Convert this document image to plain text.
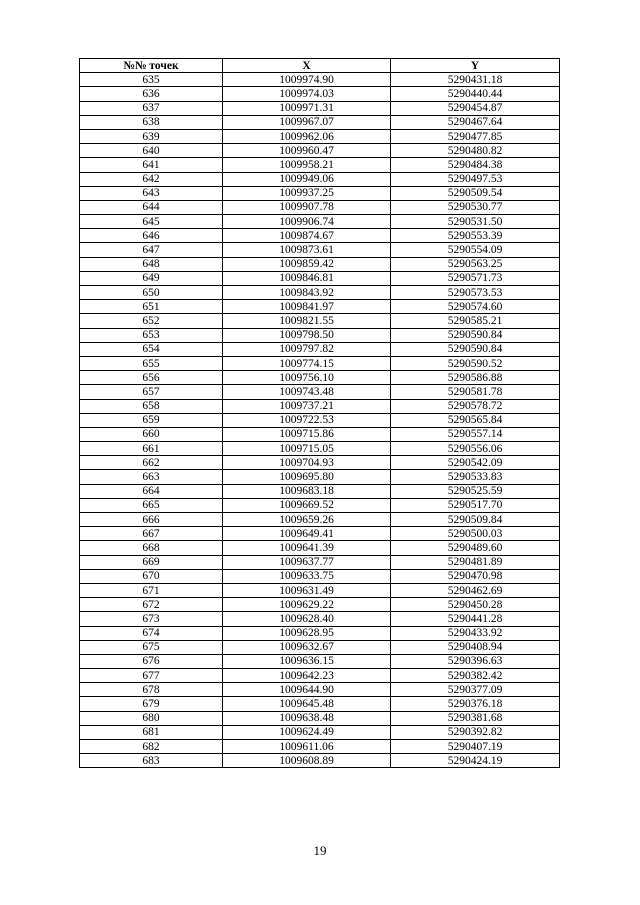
№№ точек	X	Y
635	1009974.90	5290431.18
636	1009974.03	5290440.44
637	1009971.31	5290454.87
638	1009967.07	5290467.64
639	1009962.06	5290477.85
640	1009960.47	5290480.82
641	1009958.21	5290484.38
642	1009949.06	5290497.53
643	1009937.25	5290509.54
644	1009907.78	5290530.77
645	1009906.74	5290531.50
646	1009874.67	5290553.39
647	1009873.61	5290554.09
648	1009859.42	5290563.25
649	1009846.81	5290571.73
650	1009843.92	5290573.53
651	1009841.97	5290574.60
652	1009821.55	5290585.21
653	1009798.50	5290590.84
654	1009797.82	5290590.84
655	1009774.15	5290590.52
656	1009756.10	5290586.88
657	1009743.48	5290581.78
658	1009737.21	5290578.72
659	1009722.53	5290565.84
660	1009715.86	5290557.14
661	1009715.05	5290556.06
662	1009704.93	5290542.09
663	1009695.80	5290533.83
664	1009683.18	5290525.59
665	1009669.52	5290517.70
666	1009659.26	5290509.84
667	1009649.41	5290500.03
668	1009641.39	5290489.60
669	1009637.77	5290481.89
670	1009633.75	5290470.98
671	1009631.49	5290462.69
672	1009629.22	5290450.28
673	1009628.40	5290441.28
674	1009628.95	5290433.92
675	1009632.67	5290408.94
676	1009636.15	5290396.63
677	1009642.23	5290382.42
678	1009644.90	5290377.09
679	1009645.48	5290376.18
680	1009638.48	5290381.68
681	1009624.49	5290392.82
682	1009611.06	5290407.19
683	1009608.89	5290424.19
19
